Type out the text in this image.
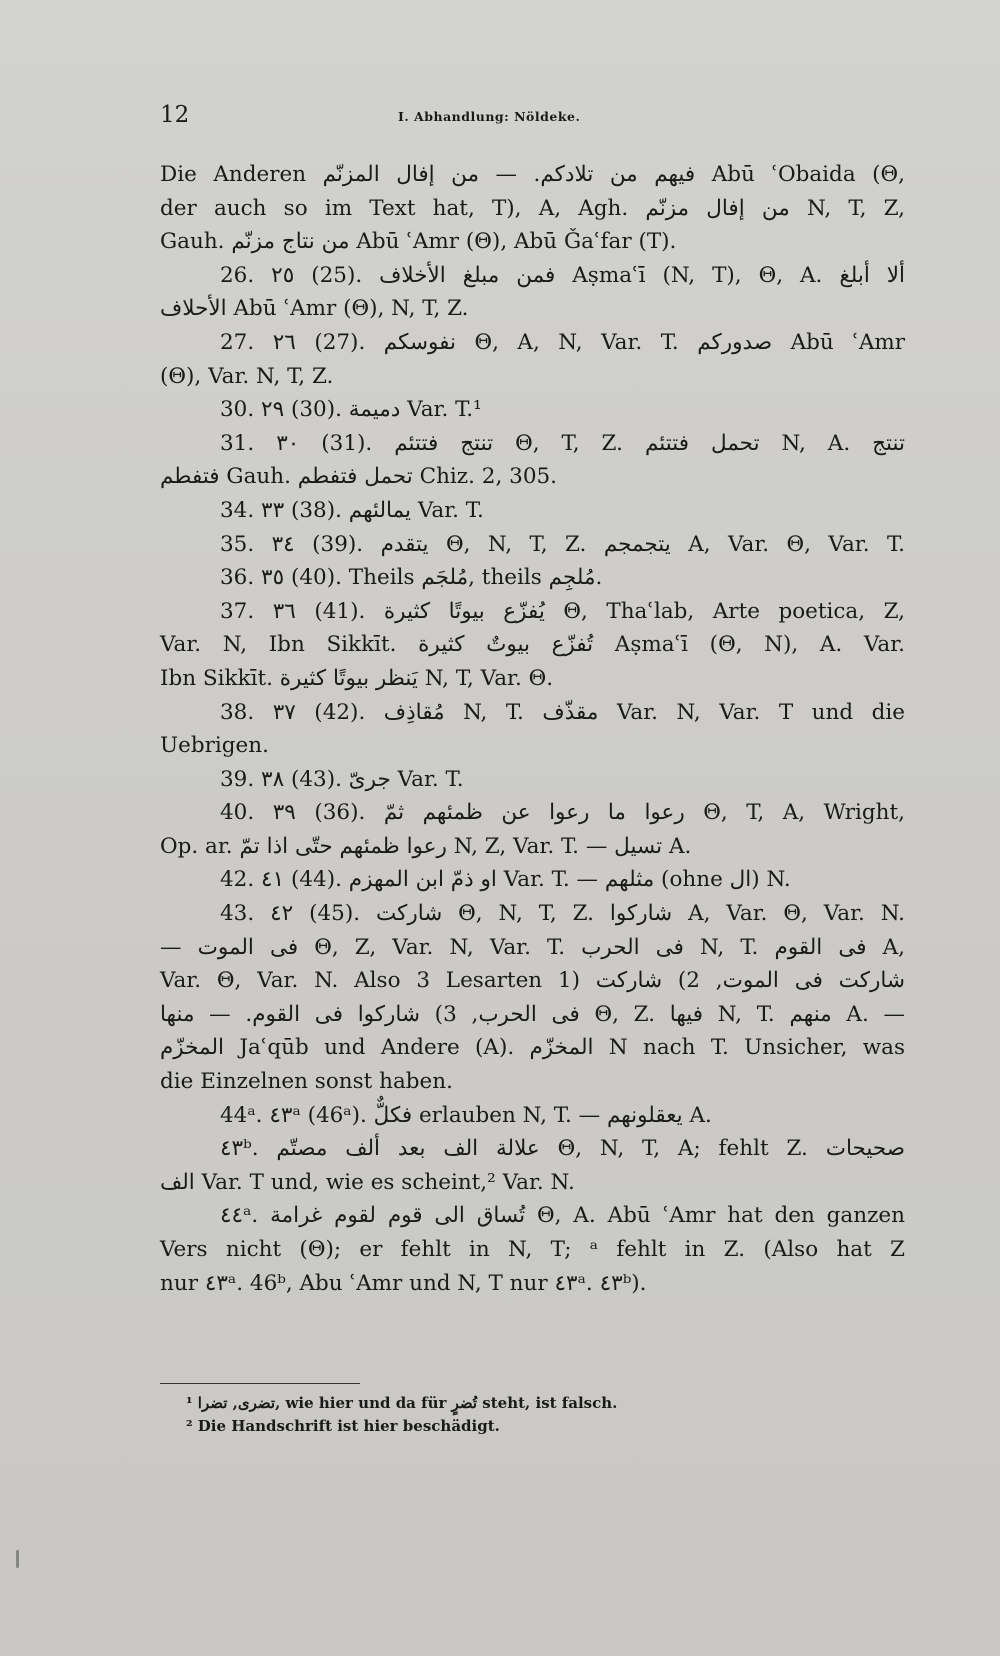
12	I. Abhandlung: Nöldeke.
Die Anderen فيهم من تلادكم. — من إفال المزنّم Abū ʿObaida (Θ,
der auch so im Text hat, T), A, Agh. من إفال مزنّم N, T, Z,
Gauh. من نتاج مزنّم Abū ʿAmr (Θ), Abū Ǧaʿfar (T).
26. ٢٥ (25). فمن مبلغ الأخلاف Aṣmaʿī (N, T), Θ, A. ألا أبلغ
الأحلاف Abū ʿAmr (Θ), N, T, Z.
27. ٢٦ (27). نفوسكم Θ, A, N, Var. T. صدوركم Abū ʿAmr
(Θ), Var. N, T, Z.
30. ٢٩ (30). دميمة Var. T.¹
31. ٣٠ (31). تنتج فتتئم Θ, T, Z. تحمل فتتئم N, A. تنتج
فتفطم Gauh. تحمل فتفطم Chiz. 2, 305.
34. ٣٣ (38). يمالئهم Var. T.
35. ٣٤ (39). يتقدم Θ, N, T, Z. يتجمجم A, Var. Θ, Var. T.
36. ٣٥ (40). Theils مُلجَم, theils مُلجِم.
37. ٣٦ (41). يُفزّع بيوتًا كثيرة Θ, Thaʿlab, Arte poetica, Z,
Var. N, Ibn Sikkīt. تُفزّع بيوتٌ كثيرة Aṣmaʿī (Θ, N), A. Var.
Ibn Sikkīt. يَنظر بيوتًا كثيرة N, T, Var. Θ.
38. ٣٧ (42). مُقاذِف N, T. مقذّف Var. N, Var. T und die
Uebrigen.
39. ٣٨ (43). جرىّ Var. T.
40. ٣٩ (36). رعوا ما رعوا عن ظمئهم ثمّ Θ, T, A, Wright,
Op. ar. رعوا ظمئهم حتّى اذا تمّ N, Z, Var. T. — تسيل A.
42. ٤١ (44). او ذمّ ابن المهزم Var. T. — مثلهم (ohne ال) N.
43. ٤٢ (45). شاركت Θ, N, T, Z. شاركوا A, Var. Θ, Var. N.
— فى الموت Θ, Z, Var. N, Var. T. فى الحرب N, T. فى القوم A,
Var. Θ, Var. N. Also 3 Lesarten 1) شاركت فى الموت, 2) شاركت
فى الحرب, 3) شاركوا فى القوم. — منها Θ, Z. فيها N, T. منهم A. —
المخزّم Jaʿqūb und Andere (A). المخزّم N nach T. Unsicher, was
die Einzelnen sonst haben.
44ᵃ. ٤٣ᵃ (46ᵃ). فكلٌّ erlauben N, T. — يعقلونهم A.
٤٣ᵇ. علالة الف بعد ألف مصتّم Θ, N, T, A; fehlt Z. صحيحات
الف Var. T und, wie es scheint,² Var. N.
٤٤ᵃ. تُساق الى قوم لقوم غرامة Θ, A. Abū ʿAmr hat den ganzen
Vers nicht (Θ); er fehlt in N, T; ᵃ fehlt in Z. (Also hat Z
nur ٤٣ᵃ. 46ᵇ, Abu ʿAmr und N, T nur ٤٣ᵃ. ٤٣ᵇ).
¹ تضرى, تضرا, wie hier und da für تُضرٍ steht, ist falsch.
² Die Handschrift ist hier beschädigt.
